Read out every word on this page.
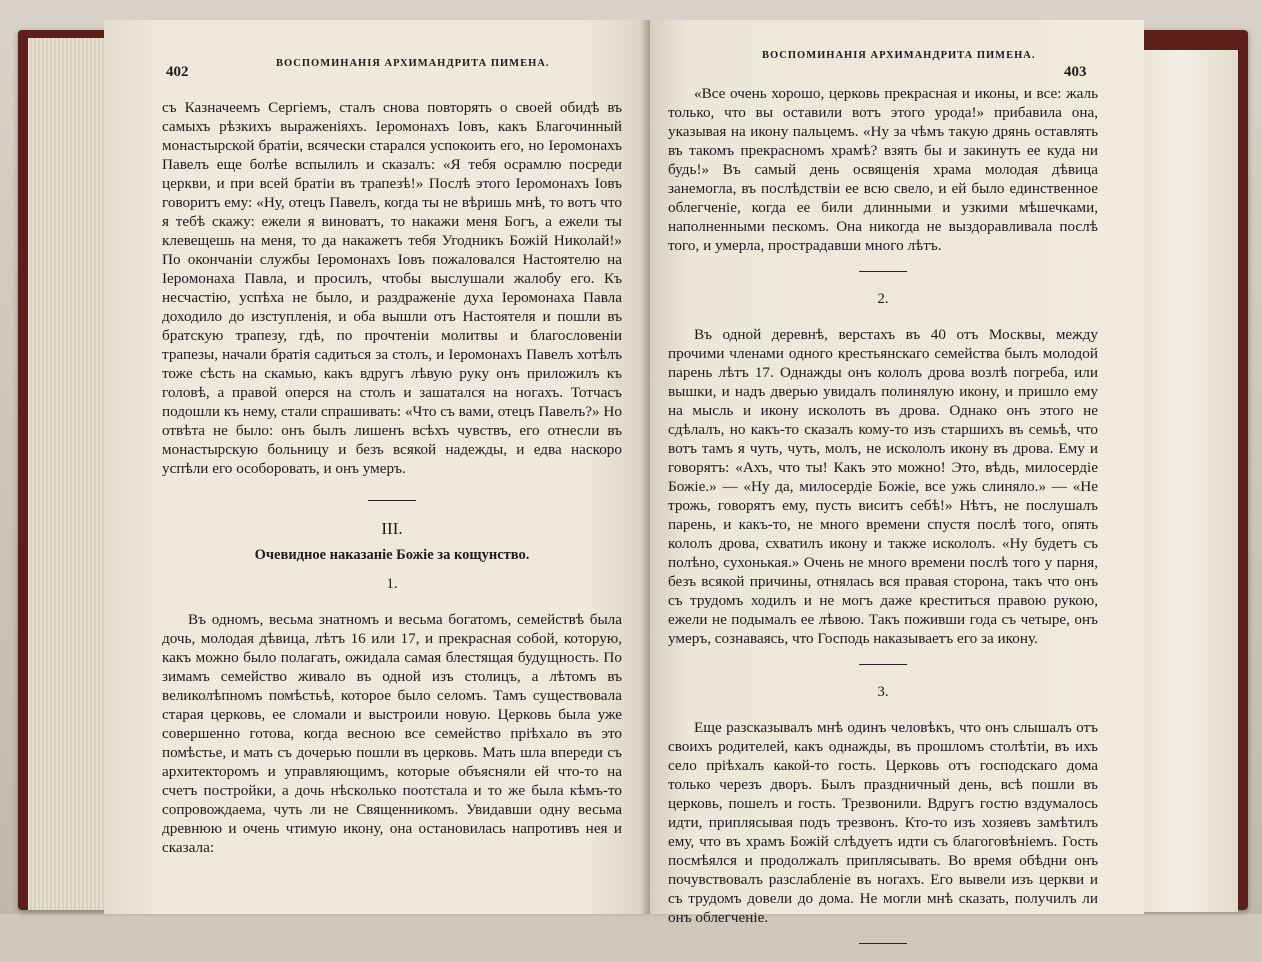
402
ВОСПОМИНАНІЯ АРХИМАНДРИТА ПИМЕНА.

съ Казначеемъ Сергіемъ, сталъ снова повторять о своей обидѣ въ самыхъ рѣзкихъ выраженіяхъ. Іеромонахъ Іовъ, какъ Благочинный монастырской братіи, всячески старался успокоить его, но Іеромонахъ Павелъ еще болѣе вспылилъ и сказалъ: «Я тебя осрамлю посреди церкви, и при всей братіи въ трапезѣ!» Послѣ этого Іеромонахъ Іовъ говоритъ ему: «Ну, отецъ Павелъ, когда ты не вѣришь мнѣ, то вотъ что я тебѣ скажу: ежели я виноватъ, то накажи меня Богъ, а ежели ты клевещешь на меня, то да накажетъ тебя Угодникъ Божій Николай!» По окончаніи службы Іеромонахъ Іовъ пожаловался Настоятелю на Іеромонаха Павла, и просилъ, чтобы выслушали жалобу его. Къ несчастію, успѣха не было, и раздраженіе духа Іеромонаха Павла доходило до изступленія, и оба вышли отъ Настоятеля и пошли въ братскую трапезу, гдѣ, по прочтеніи молитвы и благословеніи трапезы, начали братія садиться за столъ, и Іеромонахъ Павелъ хотѣлъ тоже сѣсть на скамью, какъ вдругъ лѣвую руку онъ приложилъ къ головѣ, а правой оперся на столъ и зашатался на ногахъ. Тотчасъ подошли къ нему, стали спрашивать: «Что съ вами, отецъ Павелъ?» Но отвѣта не было: онъ былъ лишенъ всѣхъ чувствъ, его отнесли въ монастырскую больницу и безъ всякой надежды, и едва наскоро успѣли его особоровать, и онъ умеръ.

III.
Очевидное наказаніе Божіе за кощунство.
1.

Въ одномъ, весьма знатномъ и весьма богатомъ, семействѣ была дочь, молодая дѣвица, лѣтъ 16 или 17, и прекрасная собой, которую, какъ можно было полагать, ожидала самая блестящая будущность. По зимамъ семейство живало въ одной изъ столицъ, а лѣтомъ въ великолѣпномъ помѣстьѣ, которое было селомъ. Тамъ существовала старая церковь, ее сломали и выстроили новую. Церковь была уже совершенно готова, когда весною все семейство пріѣхало въ это помѣстье, и мать съ дочерью пошли въ церковь. Мать шла впереди съ архитекторомъ и управляющимъ, которые объясняли ей что-то на счетъ постройки, а дочь нѣсколько поотстала и то же была кѣмъ-то сопровождаема, чуть ли не Священникомъ. Увидавши одну весьма древнюю и очень чтимую икону, она остановилась напротивъ нея и сказала:

ВОСПОМИНАНІЯ АРХИМАНДРИТА ПИМЕНА.
403

«Все очень хорошо, церковь прекрасная и иконы, и все: жаль только, что вы оставили вотъ этого урода!» прибавила она, указывая на икону пальцемъ. «Ну за чѣмъ такую дрянь оставлять въ такомъ прекрасномъ храмѣ? взять бы и закинуть ее куда ни будь!» Въ самый день освященія храма молодая дѣвица занемогла, въ послѣдствіи ее всю свело, и ей было единственное облегченіе, когда ее били длинными и узкими мѣшечками, наполненными пескомъ. Она никогда не выздоравливала послѣ того, и умерла, прострадавши много лѣтъ.

2.

Въ одной деревнѣ, верстахъ въ 40 отъ Москвы, между прочими членами одного крестьянскаго семейства былъ молодой парень лѣтъ 17. Однажды онъ кололъ дрова возлѣ погреба, или вышки, и надъ дверью увидалъ полинялую икону, и пришло ему на мысль и икону исколоть въ дрова. Однако онъ этого не сдѣлалъ, но какъ-то сказалъ кому-то изъ старшихъ въ семьѣ, что вотъ тамъ я чуть, чуть, молъ, не искололъ икону въ дрова. Ему и говорятъ: «Ахъ, что ты! Какъ это можно! Это, вѣдь, милосердіе Божіе.» — «Ну да, милосердіе Божіе, все ужь слиняло.» — «Не трожь, говорятъ ему, пусть виситъ себѣ!» Нѣтъ, не послушалъ парень, и какъ-то, не много времени спустя послѣ того, опять кололъ дрова, схватилъ икону и также искололъ. «Ну будетъ съ полѣно, сухонькая.» Очень не много времени послѣ того у парня, безъ всякой причины, отнялась вся правая сторона, такъ что онъ съ трудомъ ходилъ и не могъ даже креститься правою рукою, ежели не подымалъ ее лѣвою. Такъ поживши года съ четыре, онъ умеръ, сознаваясь, что Господь наказываетъ его за икону.

3.

Еще разсказывалъ мнѣ одинъ человѣкъ, что онъ слышалъ отъ своихъ родителей, какъ однажды, въ прошломъ столѣтіи, въ ихъ село пріѣхалъ какой-то гость. Церковь отъ господскаго дома только черезъ дворъ. Былъ праздничный день, всѣ пошли въ церковь, пошелъ и гость. Трезвонили. Вдругъ гостю вздумалось идти, приплясывая подъ трезвонъ. Кто-то изъ хозяевъ замѣтилъ ему, что въ храмъ Божій слѣдуетъ идти съ благоговѣніемъ. Гость посмѣялся и продолжалъ приплясывать. Во время обѣдни онъ почувствовалъ разслабленіе въ ногахъ. Его вывели изъ церкви и съ трудомъ довели до дома. Не могли мнѣ сказать, получилъ ли онъ облегченіе.
